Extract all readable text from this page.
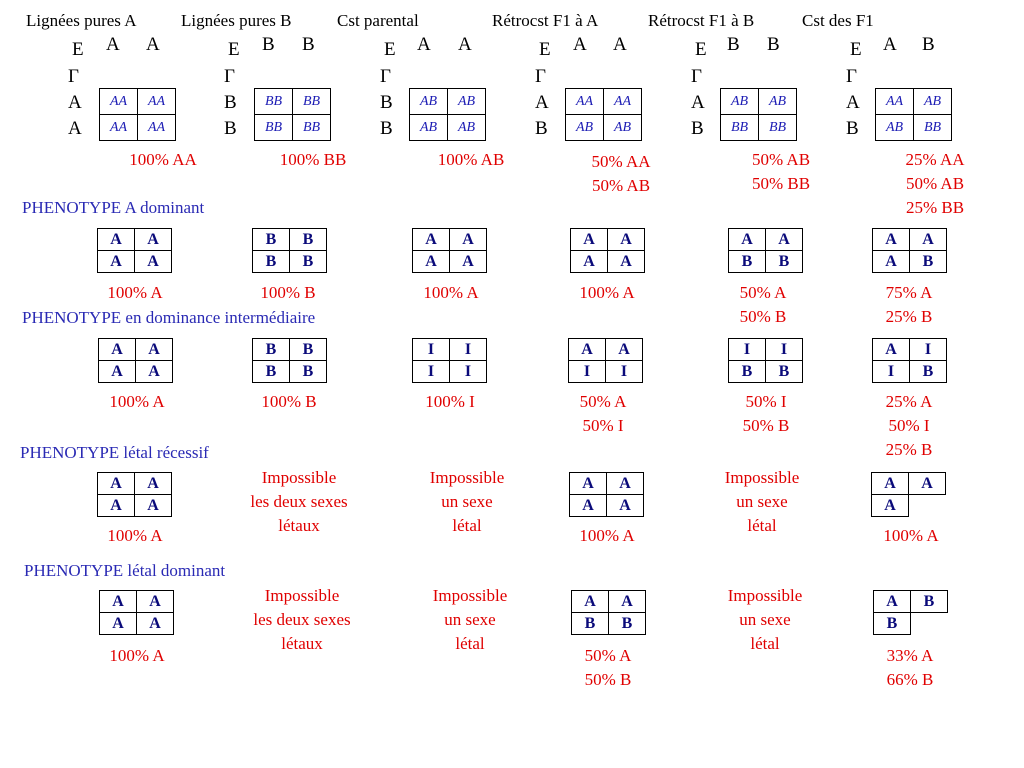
PHENOTYPE A dominant
PHENOTYPE en dominance intermédiaire
PHENOTYPE létal récessif
PHENOTYPE létal dominant
Lignées pures A
A A
E
Γ
A
A
AA	AA
AA	AA
100% AA
A	A
A	A
100% A
A	A
A	A
100% A
A	A
A	A
100% A
A	A
A	A
100% A
Lignées pures B
B B
E
Γ
B
B
BB	BB
BB	BB
100% BB
B	B
B	B
100% B
B	B
B	B
100% B
Impossible
les deux sexes
létaux
Impossible
les deux sexes
létaux
Cst parental
A A
E
Γ
B
B
AB	AB
AB	AB
100% AB
A	A
A	A
100% A
I	I
I	I
100% I
Impossible
un sexe
létal
Impossible
un sexe
létal
Rétrocst F1 à A
A A
E
Γ
A
B
AA	AA
AB	AB
50% AA
50% AB
A	A
A	A
100% A
A	A
I	I
50% A
50% I
A	A
A	A
100% A
A	A
B	B
50% A
50% B
Rétrocst F1 à B
B B
E
Γ
A
B
AB	AB
BB	BB
50% AB
50% BB
A	A
B	B
50% A
50% B
I	I
B	B
50% I
50% B
Impossible
un sexe
létal
Impossible
un sexe
létal
Cst des F1
A B
E
Γ
A
B
AA	AB
AB	BB
25% AA
50% AB
25% BB
A	A
A	B
75% A
25% B
A	I
I	B
25% A
50% I
25% B
A	A
A	
100% A
A	B
B	
33% A
66% B
